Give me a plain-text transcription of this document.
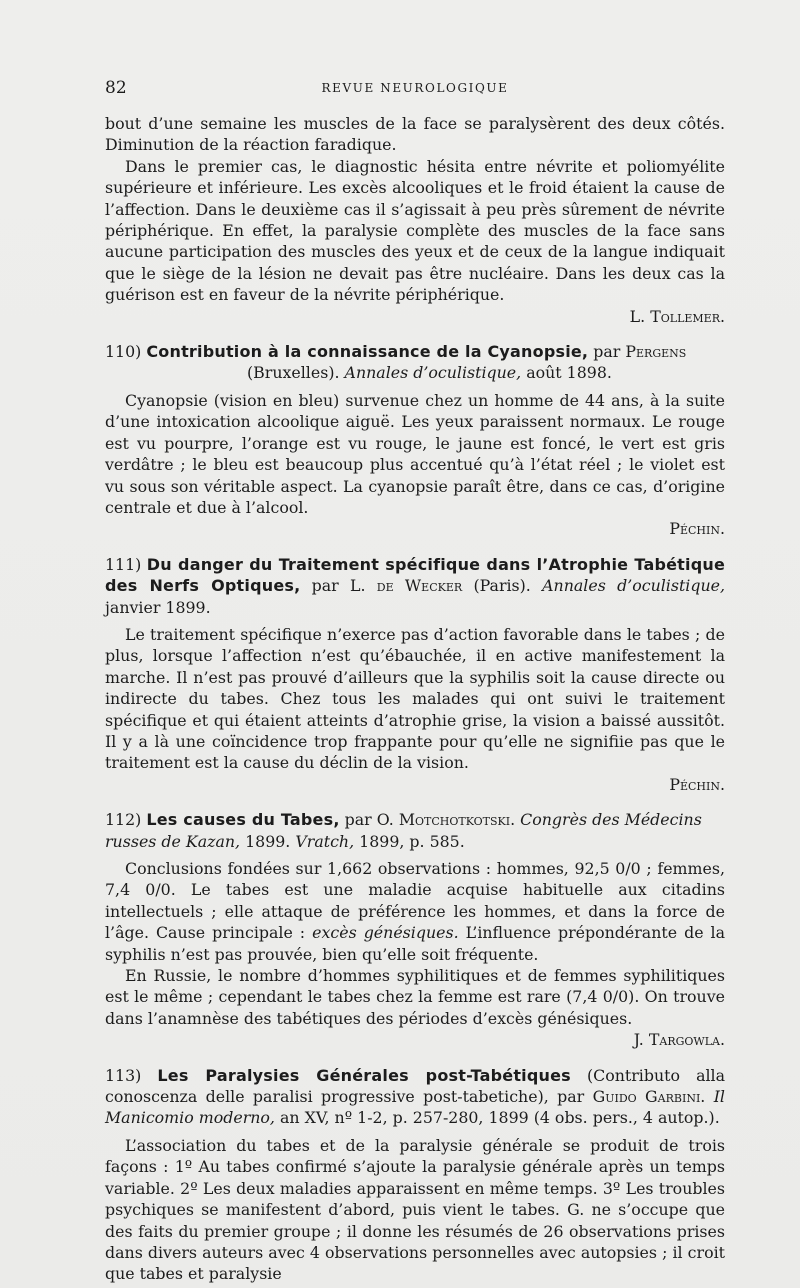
82	REVUE NEUROLOGIQUE

bout d’une semaine les muscles de la face se paralysèrent des deux côtés. Diminution de la réaction faradique.

Dans le premier cas, le diagnostic hésita entre névrite et poliomyélite supérieure et inférieure. Les excès alcooliques et le froid étaient la cause de l’affection. Dans le deuxième cas il s’agissait à peu près sûrement de névrite périphérique. En effet, la paralysie complète des muscles de la face sans aucune participation des muscles des yeux et de ceux de la langue indiquait que le siège de la lésion ne devait pas être nucléaire. Dans les deux cas la guérison est en faveur de la névrite périphérique.

L. Tollemer.

110) Contribution à la connaissance de la Cyanopsie, par Pergens

(Bruxelles). Annales d’oculistique, août 1898.

Cyanopsie (vision en bleu) survenue chez un homme de 44 ans, à la suite d’une intoxication alcoolique aiguë. Les yeux paraissent normaux. Le rouge est vu pourpre, l’orange est vu rouge, le jaune est foncé, le vert est gris verdâtre ; le bleu est beaucoup plus accentué qu’à l’état réel ; le violet est vu sous son véritable aspect. La cyanopsie paraît être, dans ce cas, d’origine centrale et due à l’alcool.

Péchin.

111) Du danger du Traitement spécifique dans l’Atrophie Tabétique des Nerfs Optiques, par L. de Wecker (Paris). Annales d’oculistique, janvier 1899.

Le traitement spécifique n’exerce pas d’action favorable dans le tabes ; de plus, lorsque l’affection n’est qu’ébauchée, il en active manifestement la marche. Il n’est pas prouvé d’ailleurs que la syphilis soit la cause directe ou indirecte du tabes. Chez tous les malades qui ont suivi le traitement spécifique et qui étaient atteints d’atrophie grise, la vision a baissé aussitôt. Il y a là une coïncidence trop frappante pour qu’elle ne signifiie pas que le traitement est la cause du déclin de la vision.

Péchin.

112) Les causes du Tabes, par O. Motchotkotski. Congrès des Médecins russes de Kazan, 1899. Vratch, 1899, p. 585.

Conclusions fondées sur 1,662 observations : hommes, 92,5 0/0 ; femmes, 7,4 0/0. Le tabes est une maladie acquise habituelle aux citadins intellectuels ; elle attaque de préférence les hommes, et dans la force de l’âge. Cause principale : excès génésiques. L’influence prépondérante de la syphilis n’est pas prouvée, bien qu’elle soit fréquente.

En Russie, le nombre d’hommes syphilitiques et de femmes syphilitiques est le même ; cependant le tabes chez la femme est rare (7,4 0/0). On trouve dans l’anamnèse des tabétiques des périodes d’excès génésiques.

J. Targowla.

113) Les Paralysies Générales post-Tabétiques (Contributo alla conoscenza delle paralisi progressive post-tabetiche), par Guido Garbini. Il Manicomio moderno, an XV, nº 1-2, p. 257-280, 1899 (4 obs. pers., 4 autop.).

L’association du tabes et de la paralysie générale se produit de trois façons : 1º Au tabes confirmé s’ajoute la paralysie générale après un temps variable. 2º Les deux maladies apparaissent en même temps. 3º Les troubles psychiques se manifestent d’abord, puis vient le tabes. G. ne s’occupe que des faits du premier groupe ; il donne les résumés de 26 observations prises dans divers auteurs avec 4 observations personnelles avec autopsies ; il croit que tabes et paralysie
